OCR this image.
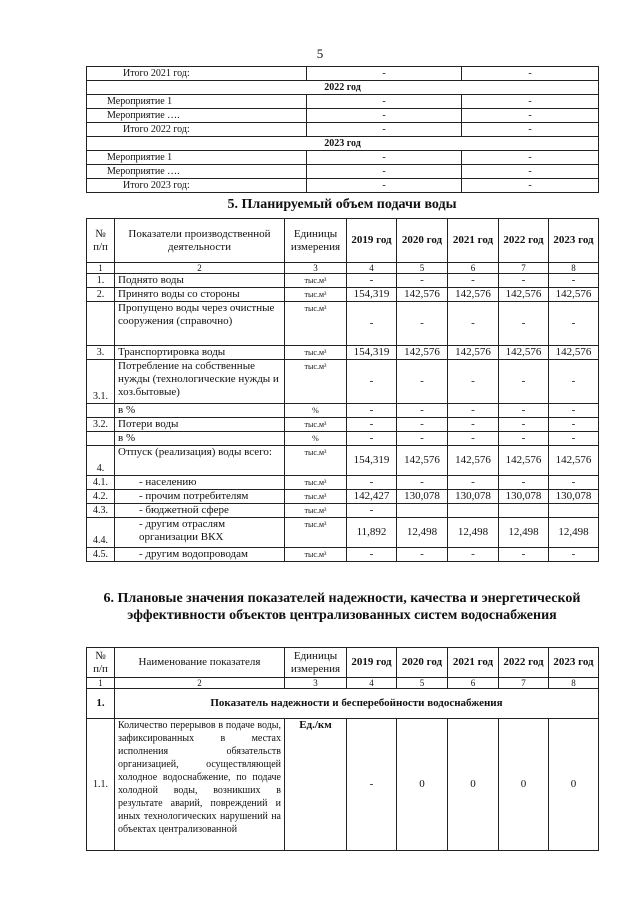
5
Итого 2021 год:	-	-
2022 год		
Мероприятие 1	-	-
Мероприятие ….	-	-
Итого 2022 год:	-	-
2023 год		
Мероприятие 1	-	-
Мероприятие ….	-	-
Итого 2023 год:	-	-
5. Планируемый объем подачи воды
№ п/п	Показатели производственной деятельности	Единицы измерения	2019 год	2020 год	2021 год	2022 год	2023 год
1	2	3	4	5	6	7	8
1.	Поднято воды	тыс.м³	-	-	-	-	-
2.	Принято воды со стороны	тыс.м³	154,319	142,576	142,576	142,576	142,576
	Пропущено воды через очистные сооружения (справочно)	тыс.м³	-	-	-	-	-
3.	Транспортировка воды	тыс.м³	154,319	142,576	142,576	142,576	142,576
3.1.	Потребление на собственные нужды (технологические нужды и хоз.бытовые)	тыс.м³	-	-	-	-	-
	в %	%	-	-	-	-	-
3.2.	Потери воды	тыс.м³	-	-	-	-	-
	в %	%	-	-	-	-	-
4.	Отпуск (реализация) воды всего:	тыс.м³	154,319	142,576	142,576	142,576	142,576
4.1.	- населению	тыс.м³	-	-	-	-	-
4.2.	- прочим потребителям	тыс.м³	142,427	130,078	130,078	130,078	130,078
4.3.	- бюджетной сфере	тыс.м³	-				
4.4.	- другим отраслям организации ВКХ	тыс.м³	11,892	12,498	12,498	12,498	12,498
4.5.	- другим водопроводам	тыс.м³	-	-	-	-	-
6. Плановые значения показателей надежности, качества и энергетической эффективности объектов централизованных систем водоснабжения
№ п/п	Наименование показателя	Единицы измерения	2019 год	2020 год	2021 год	2022 год	2023 год
1	2	3	4	5	6	7	8
1.	Показатель надежности и бесперебойности водоснабжения						
1.1.	Количество перерывов в подаче воды, зафиксированных в местах исполнения обязательств организацией, осуществляющей холодное водоснабжение, по подаче холодной воды, возникших в результате аварий, повреждений и иных технологических нарушений на объектах централизованной	Ед./км	-	0	0	0	0
